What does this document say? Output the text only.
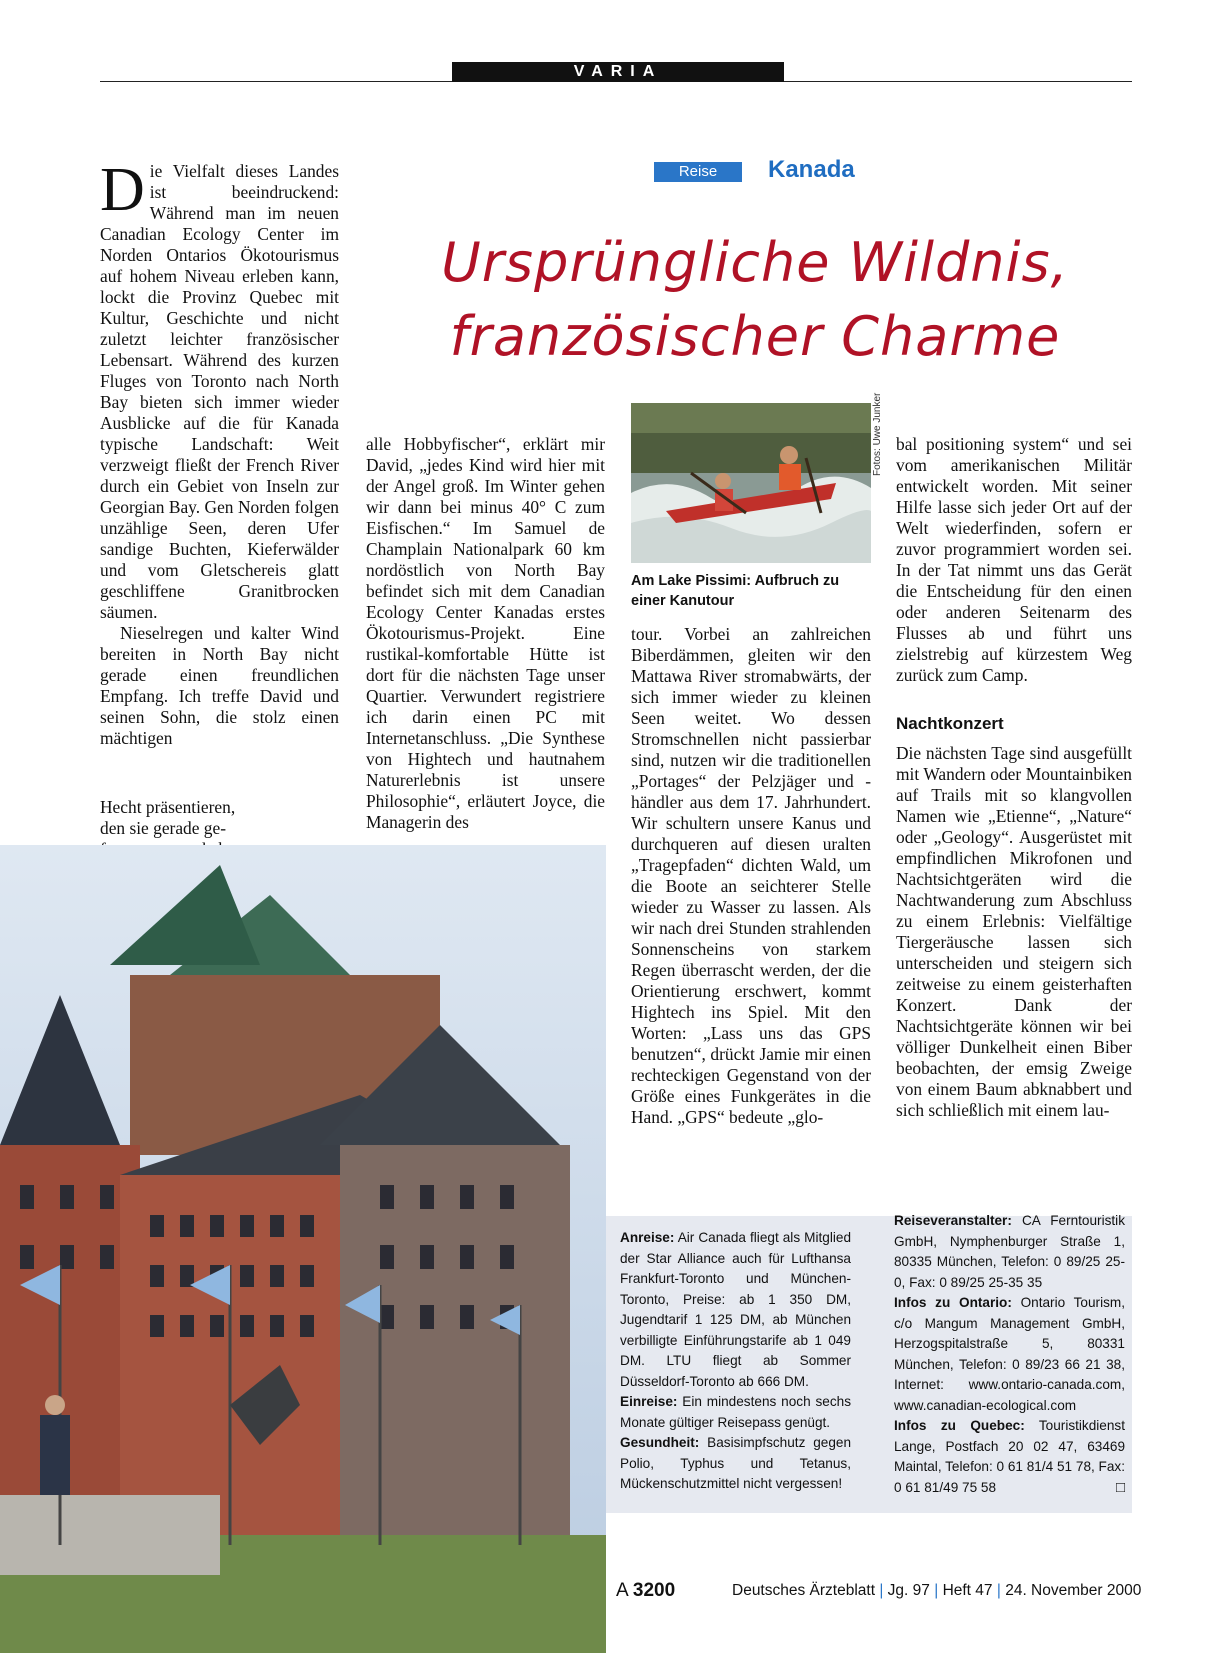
VARIA
Reise	Kanada
Ursprüngliche Wildnis,
französischer Charme
D ie Vielfalt dieses Landes ist beeindruckend: Während man im neuen Canadian Ecology Center im Norden Ontarios Ökotourismus auf hohem Niveau erleben kann, lockt die Provinz Quebec mit Kultur, Geschichte und nicht zuletzt leichter französischer Lebensart. Während des kurzen Fluges von Toronto nach North Bay bieten sich immer wieder Ausblicke auf die für Kanada typische Landschaft: Weit verzweigt fließt der French River durch ein Gebiet von Inseln zur Georgian Bay. Gen Norden folgen unzählige Seen, deren Ufer sandige Buchten, Kieferwälder und vom Gletschereis glatt geschliffene Granitbrocken säumen.

Nieselregen und kalter Wind bereiten in North Bay nicht gerade einen freundlichen Empfang. Ich treffe David und seinen Sohn, die stolz einen mächtigen

Hecht präsentieren,
den sie gerade ge-

alle Hobbyfischer“, erklärt mir David, „jedes Kind wird hier mit der Angel groß. Im Winter gehen wir dann bei minus 40° C zum Eisfischen.“ Im Samuel de Champlain Nationalpark 60 km nordöstlich von North Bay befindet sich mit dem Canadian Ecology Center Kanadas erstes Ökotourismus-Projekt. Eine rustikal-komfortable Hütte ist dort für die nächsten Tage unser Quartier. Verwundert registriere ich darin einen PC mit Internetanschluss. „Die Synthese von Hightech und hautnahem Naturerlebnis ist unsere Philosophie“, erläutert Joyce, die Managerin des

Fotos: Uwe Junker
Am Lake Pissimi: Aufbruch zu einer Kanutour

tour. Vorbei an zahlreichen Biberdämmen, gleiten wir den Mattawa River stromabwärts, der sich immer wieder zu kleinen Seen weitet. Wo dessen Stromschnellen nicht passierbar sind, nutzen wir die traditionellen „Portages“ der Pelzjäger und -händler aus dem 17. Jahrhundert. Wir schultern unsere Kanus und durchqueren auf diesen uralten „Tragepfaden“ dichten Wald, um die Boote an seichterer Stelle wieder zu Wasser zu lassen. Als wir nach drei Stunden strahlenden Sonnenscheins von starkem Regen überrascht werden, der die Orientierung erschwert, kommt Hightech ins Spiel. Mit den Worten: „Lass uns das GPS benutzen“, drückt Jamie mir einen rechteckigen Gegenstand von der Größe eines Funkgerätes in die Hand. „GPS“ bedeute „glo-

bal positioning system“ und sei vom amerikanischen Militär entwickelt worden. Mit seiner Hilfe lasse sich jeder Ort auf der Welt wiederfinden, sofern er zuvor programmiert worden sei. In der Tat nimmt uns das Gerät die Entscheidung für den einen oder anderen Seitenarm des Flusses ab und führt uns zielstrebig auf kürzestem Weg zurück zum Camp.

Nachtkonzert

Die nächsten Tage sind ausgefüllt mit Wandern oder Mountainbiken auf Trails mit so klangvollen Namen wie „Etienne“, „Nature“ oder „Geology“. Ausgerüstet mit empfindlichen Mikrofonen und Nachtsichtgeräten wird die Nachtwanderung zum Abschluss zu einem Erlebnis: Vielfältige Tiergeräusche lassen sich unterscheiden und steigern sich zeitweise zu einem geisterhaften Konzert. Dank der Nachtsichtgeräte können wir bei völliger Dunkelheit einen Biber beobachten, der emsig Zweige von einem Baum abknabbert und sich schließlich mit einem lau-

Anreise: Air Canada fliegt als Mitglied der Star Alliance auch für Lufthansa Frankfurt-Toronto und München-Toronto, Preise: ab 1 350 DM, Jugendtarif 1 125 DM, ab München verbilligte Einführungstarife ab 1 049 DM. LTU fliegt ab Sommer Düsseldorf-Toronto ab 666 DM.
Einreise: Ein mindestens noch sechs Monate gültiger Reisepass genügt.
Gesundheit: Basisimpfschutz gegen Polio, Typhus und Tetanus, Mückenschutzmittel nicht vergessen!
Reiseveranstalter: CA Ferntouristik GmbH, Nymphenburger Straße 1, 80335 München, Telefon: 0 89/25 25-0, Fax: 0 89/25 25-35 35
Infos zu Ontario: Ontario Tourism, c/o Mangum Management GmbH, Herzogspitalstraße 5, 80331 München, Telefon: 0 89/23 66 21 38, Internet: www.ontario-canada.com, www.canadian-ecological.com
Infos zu Quebec: Touristikdienst Lange, Postfach 20 02 47, 63469 Maintal, Telefon: 0 61 81/4 51 78, Fax: 0 61 81/49 75 58	□
A 3200	Deutsches Ärzteblatt | Jg. 97 | Heft 47 | 24. November 2000
